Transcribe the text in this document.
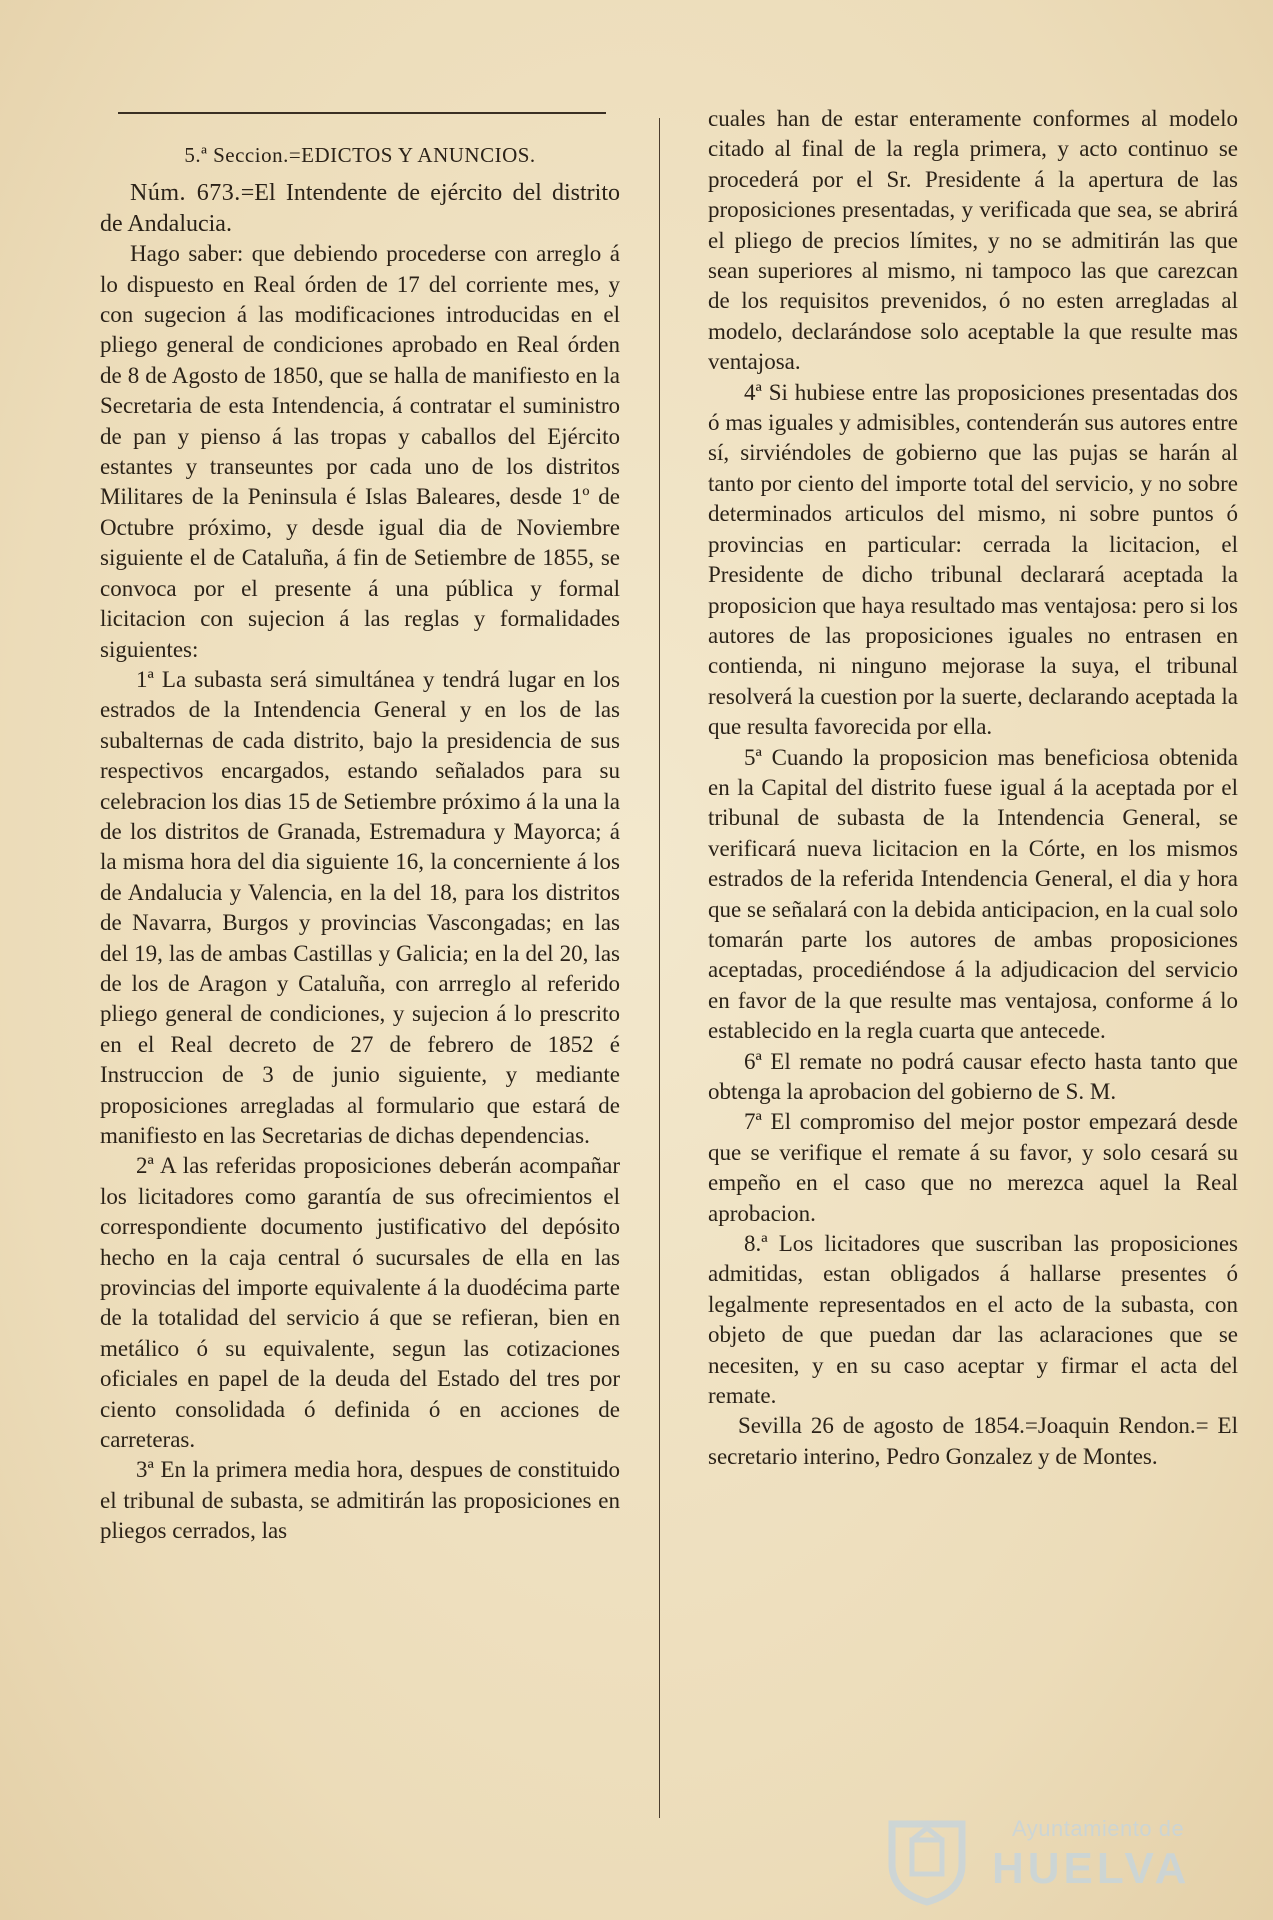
5.ª Seccion.=EDICTOS Y ANUNCIOS.

Núm. 673.=El Intendente de ejército del distrito de Andalucia.

Hago saber: que debiendo procederse con arreglo á lo dispuesto en Real órden de 17 del corriente mes, y con sugecion á las modificaciones introducidas en el pliego general de condiciones aprobado en Real órden de 8 de Agosto de 1850, que se halla de manifiesto en la Secretaria de esta Intendencia, á contratar el suministro de pan y pienso á las tropas y caballos del Ejército estantes y transeuntes por cada uno de los distritos Militares de la Peninsula é Islas Baleares, desde 1º de Octubre próximo, y desde igual dia de Noviembre siguiente el de Cataluña, á fin de Setiembre de 1855, se convoca por el presente á una pública y formal licitacion con sujecion á las reglas y formalidades siguientes:

1ª La subasta será simultánea y tendrá lugar en los estrados de la Intendencia General y en los de las subalternas de cada distrito, bajo la presidencia de sus respectivos encargados, estando señalados para su celebracion los dias 15 de Setiembre próximo á la una la de los distritos de Granada, Estremadura y Mayorca; á la misma hora del dia siguiente 16, la concerniente á los de Andalucia y Valencia, en la del 18, para los distritos de Navarra, Burgos y provincias Vascongadas; en las del 19, las de ambas Castillas y Galicia; en la del 20, las de los de Aragon y Cataluña, con arrreglo al referido pliego general de condiciones, y sujecion á lo prescrito en el Real decreto de 27 de febrero de 1852 é Instruccion de 3 de junio siguiente, y mediante proposiciones arregladas al formulario que estará de manifiesto en las Secretarias de dichas dependencias.

2ª A las referidas proposiciones deberán acompañar los licitadores como garantía de sus ofrecimientos el correspondiente documento justificativo del depósito hecho en la caja central ó sucursales de ella en las provincias del importe equivalente á la duodécima parte de la totalidad del servicio á que se refieran, bien en metálico ó su equivalente, segun las cotizaciones oficiales en papel de la deuda del Estado del tres por ciento consolidada ó definida ó en acciones de carreteras.

3ª En la primera media hora, despues de constituido el tribunal de subasta, se admitirán las proposiciones en pliegos cerrados, las

cuales han de estar enteramente conformes al modelo citado al final de la regla primera, y acto continuo se procederá por el Sr. Presidente á la apertura de las proposiciones presentadas, y verificada que sea, se abrirá el pliego de precios límites, y no se admitirán las que sean superiores al mismo, ni tampoco las que carezcan de los requisitos prevenidos, ó no esten arregladas al modelo, declarándose solo aceptable la que resulte mas ventajosa.

4ª Si hubiese entre las proposiciones presentadas dos ó mas iguales y admisibles, contenderán sus autores entre sí, sirviéndoles de gobierno que las pujas se harán al tanto por ciento del importe total del servicio, y no sobre determinados articulos del mismo, ni sobre puntos ó provincias en particular: cerrada la licitacion, el Presidente de dicho tribunal declarará aceptada la proposicion que haya resultado mas ventajosa: pero si los autores de las proposiciones iguales no entrasen en contienda, ni ninguno mejorase la suya, el tribunal resolverá la cuestion por la suerte, declarando aceptada la que resulta favorecida por ella.

5ª Cuando la proposicion mas beneficiosa obtenida en la Capital del distrito fuese igual á la aceptada por el tribunal de subasta de la Intendencia General, se verificará nueva licitacion en la Córte, en los mismos estrados de la referida Intendencia General, el dia y hora que se señalará con la debida anticipacion, en la cual solo tomarán parte los autores de ambas proposiciones aceptadas, procediéndose á la adjudicacion del servicio en favor de la que resulte mas ventajosa, conforme á lo establecido en la regla cuarta que antecede.

6ª El remate no podrá causar efecto hasta tanto que obtenga la aprobacion del gobierno de S. M.

7ª El compromiso del mejor postor empezará desde que se verifique el remate á su favor, y solo cesará su empeño en el caso que no merezca aquel la Real aprobacion.

8.ª Los licitadores que suscriban las proposiciones admitidas, estan obligados á hallarse presentes ó legalmente representados en el acto de la subasta, con objeto de que puedan dar las aclaraciones que se necesiten, y en su caso aceptar y firmar el acta del remate.

Sevilla 26 de agosto de 1854.=Joaquin Rendon.= El secretario interino, Pedro Gonzalez y de Montes.

Ayuntamiento de
HUELVA
